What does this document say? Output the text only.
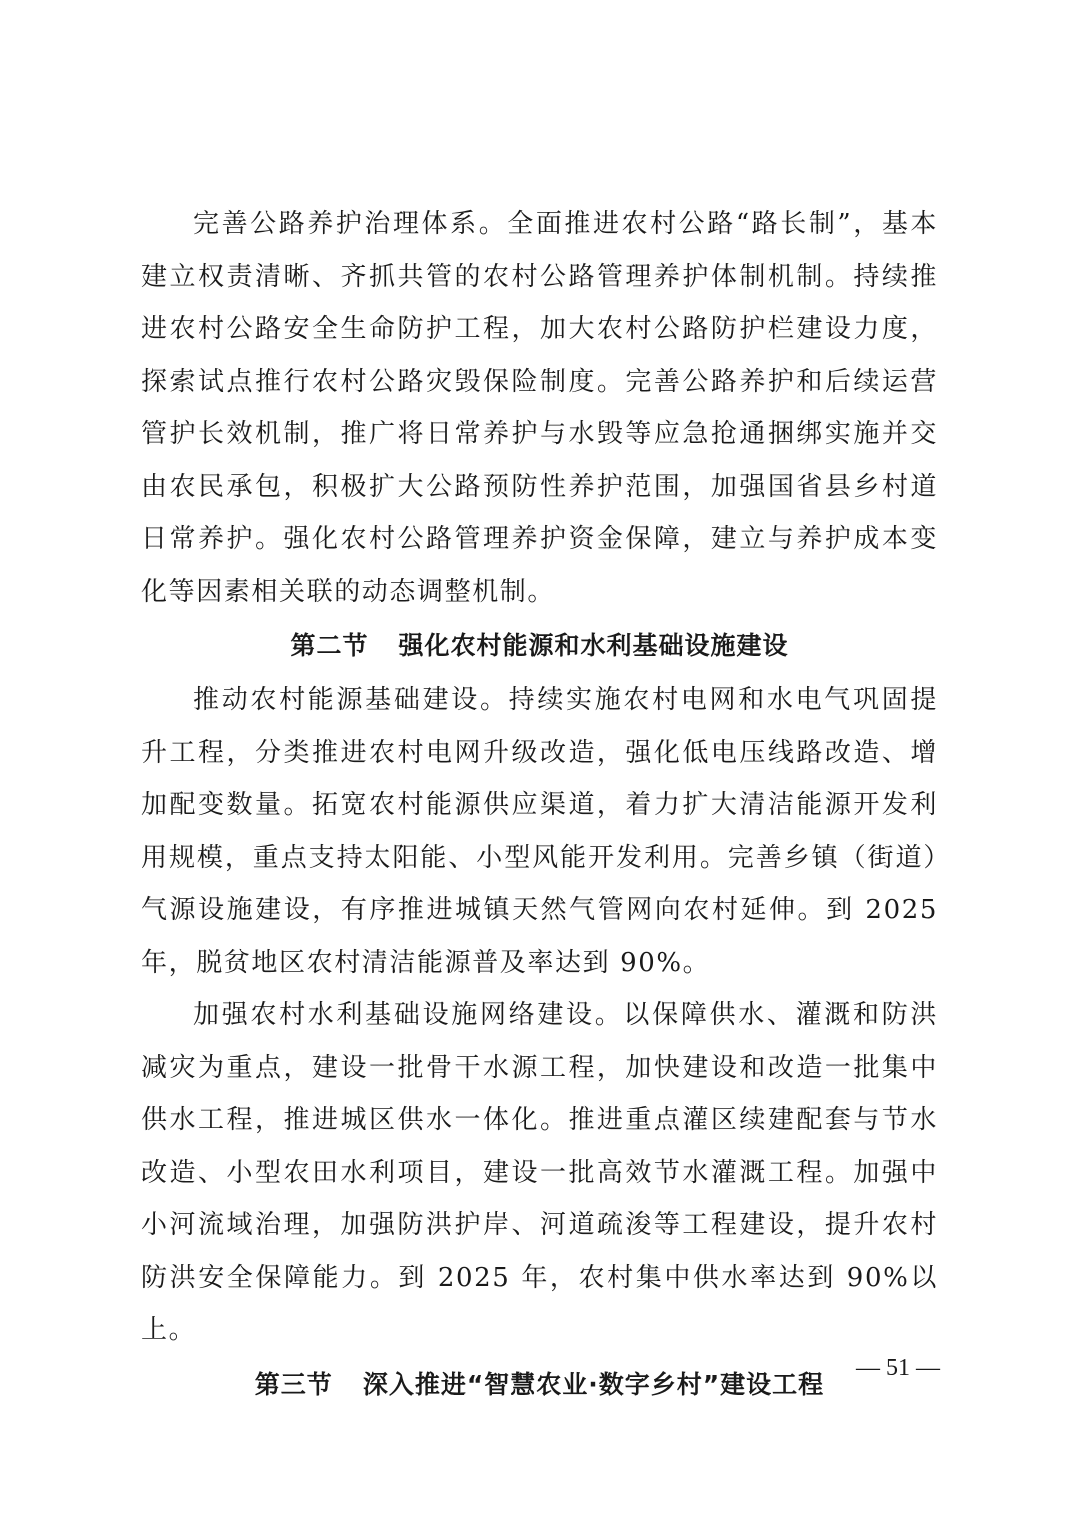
完善公路养护治理体系。全面推进农村公路“路长制”，基本建立权责清晰、齐抓共管的农村公路管理养护体制机制。持续推进农村公路安全生命防护工程，加大农村公路防护栏建设力度，探索试点推行农村公路灾毁保险制度。完善公路养护和后续运营管护长效机制，推广将日常养护与水毁等应急抢通捆绑实施并交由农民承包，积极扩大公路预防性养护范围，加强国省县乡村道日常养护。强化农村公路管理养护资金保障，建立与养护成本变化等因素相关联的动态调整机制。

第二节 强化农村能源和水利基础设施建设

推动农村能源基础建设。持续实施农村电网和水电气巩固提升工程，分类推进农村电网升级改造，强化低电压线路改造、增加配变数量。拓宽农村能源供应渠道，着力扩大清洁能源开发利用规模，重点支持太阳能、小型风能开发利用。完善乡镇（街道）气源设施建设，有序推进城镇天然气管网向农村延伸。到 2025 年，脱贫地区农村清洁能源普及率达到 90%。

加强农村水利基础设施网络建设。以保障供水、灌溉和防洪减灾为重点，建设一批骨干水源工程，加快建设和改造一批集中供水工程，推进城区供水一体化。推进重点灌区续建配套与节水改造、小型农田水利项目，建设一批高效节水灌溉工程。加强中小河流域治理，加强防洪护岸、河道疏浚等工程建设，提升农村防洪安全保障能力。到 2025 年，农村集中供水率达到 90%以上。

第三节 深入推进“智慧农业·数字乡村”建设工程
— 51 —
